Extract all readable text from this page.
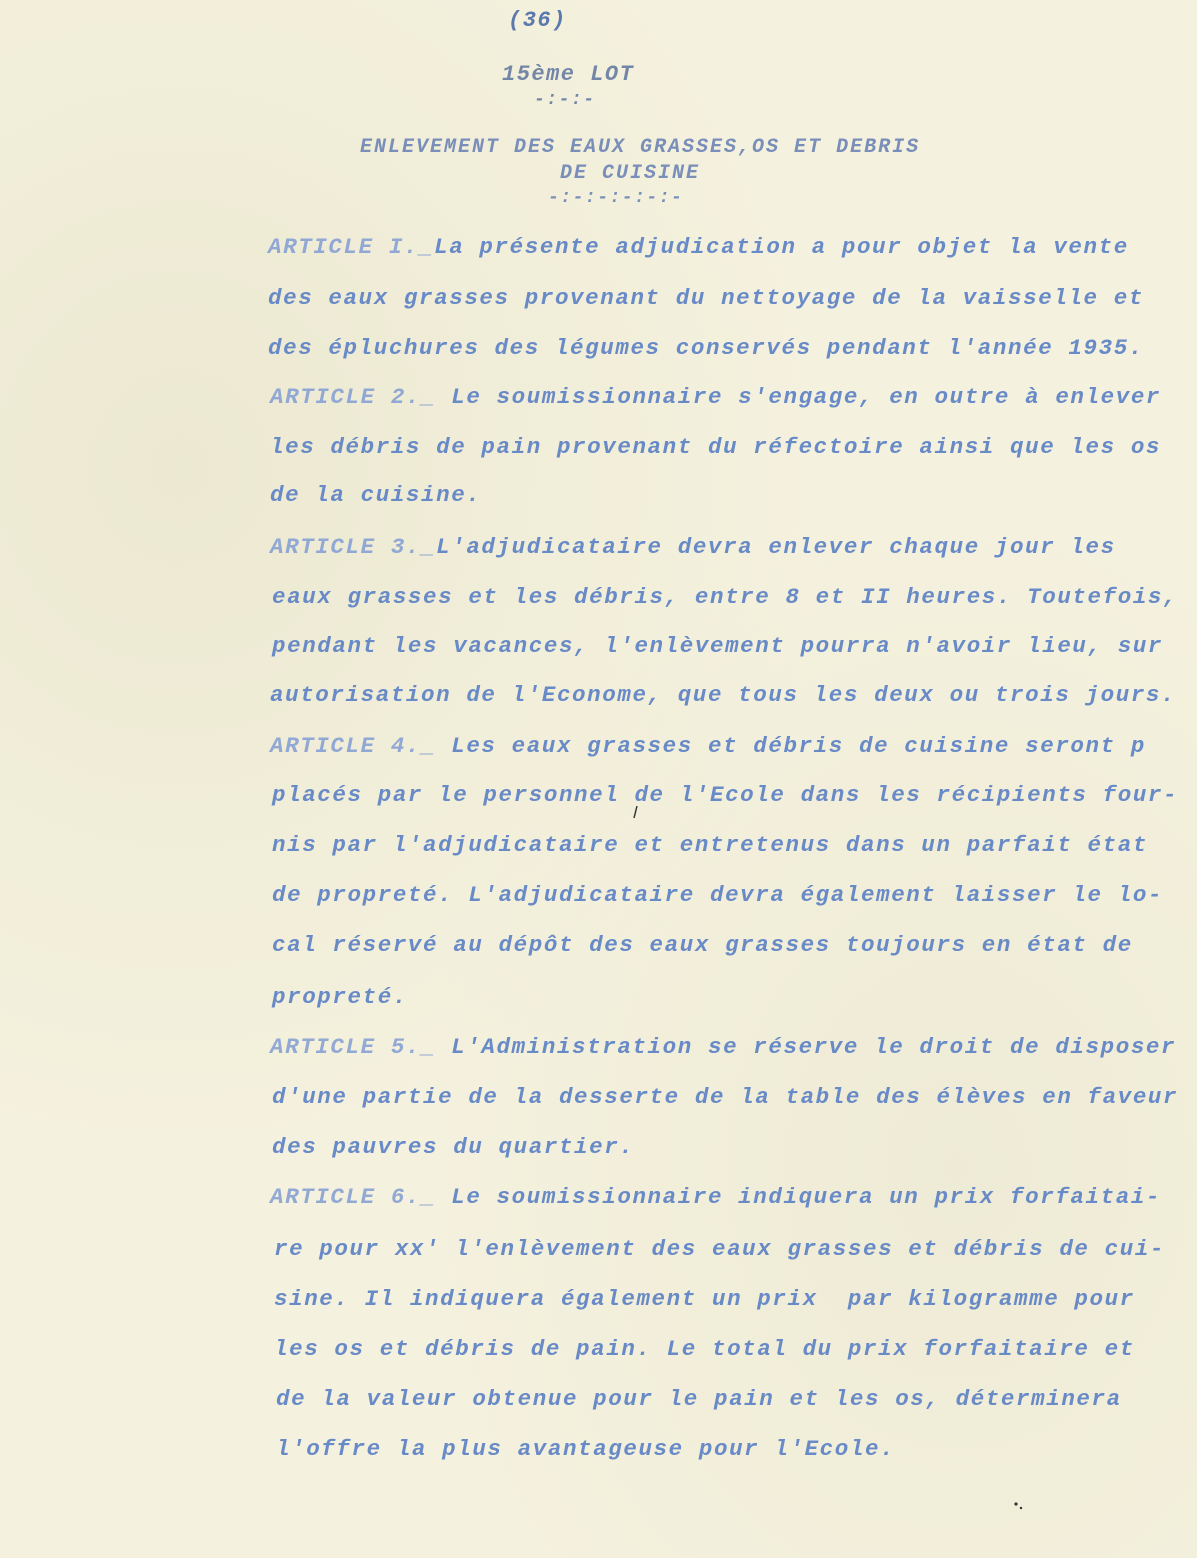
(36)
15ème LOT
-:-:-
ENLEVEMENT DES EAUX GRASSES,OS ET DEBRIS
DE CUISINE
-:-:-:-:-:-
ARTICLE I._La présente adjudication a pour objet la vente
des eaux grasses provenant du nettoyage de la vaisselle et
des épluchures des légumes conservés pendant l'année 1935.
ARTICLE 2._ Le soumissionnaire s'engage, en outre à enlever
les débris de pain provenant du réfectoire ainsi que les os
de la cuisine.
ARTICLE 3._L'adjudicataire devra enlever chaque jour les
eaux grasses et les débris, entre 8 et II heures. Toutefois,
pendant les vacances, l'enlèvement pourra n'avoir lieu, sur
autorisation de l'Econome, que tous les deux ou trois jours.
ARTICLE 4._ Les eaux grasses et débris de cuisine seront p
placés par le personnel de l'Ecole dans les récipients four-
nis par l'adjudicataire et entretenus dans un parfait état
de propreté. L'adjudicataire devra également laisser le lo-
cal réservé au dépôt des eaux grasses toujours en état de
propreté.
ARTICLE 5._ L'Administration se réserve le droit de disposer
d'une partie de la desserte de la table des élèves en faveur
des pauvres du quartier.
ARTICLE 6._ Le soumissionnaire indiquera un prix forfaitai-
re pour xx' l'enlèvement des eaux grasses et débris de cui-
sine. Il indiquera également un prix  par kilogramme pour
les os et débris de pain. Le total du prix forfaitaire et
de la valeur obtenue pour le pain et les os, déterminera
l'offre la plus avantageuse pour l'Ecole.
